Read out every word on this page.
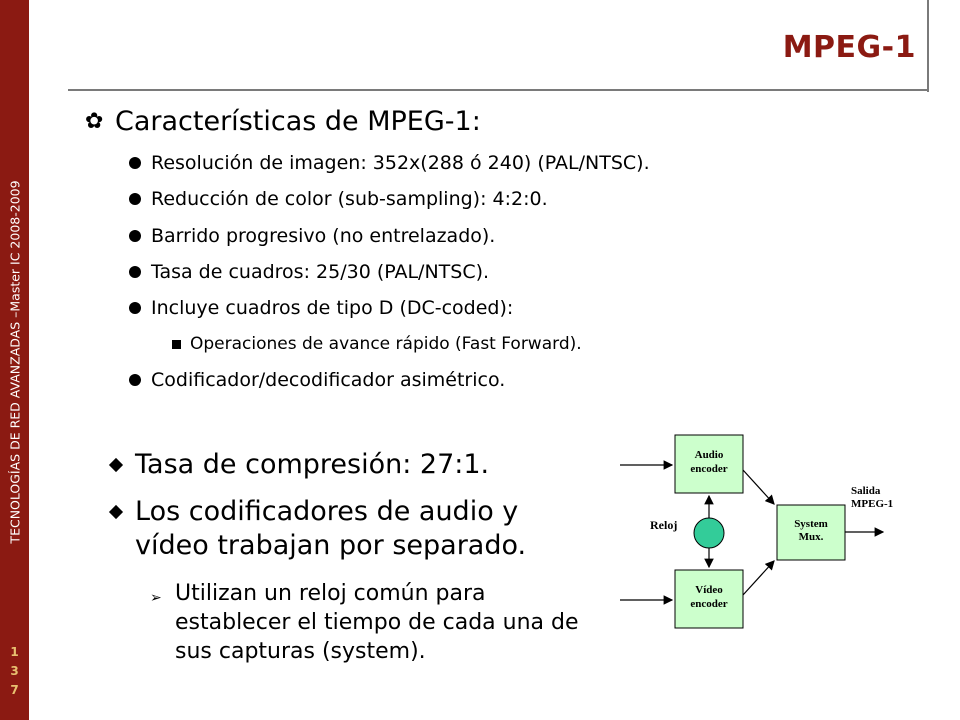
TECNOLOGÍAS DE RED AVANZADAS –Master IC 2008-2009
1
3
7
MPEG-1
✿ Características de MPEG-1:
Resolución de imagen: 352x(288 ó 240) (PAL/NTSC).
Reducción de color (sub-sampling): 4:2:0.
Barrido progresivo (no entrelazado).
Tasa de cuadros: 25/30 (PAL/NTSC).
Incluye cuadros de tipo D (DC-coded):
Operaciones de avance rápido (Fast Forward).
Codificador/decodificador asimétrico.
Tasa de compresión: 27:1.
Los codificadores de audio y vídeo trabajan por separado.
➢ Utilizan un reloj común para establecer el tiempo de cada una de sus capturas (system).
Audio
encoder
Vídeo
encoder
Reloj	System
Mux.
Salida
MPEG-1
